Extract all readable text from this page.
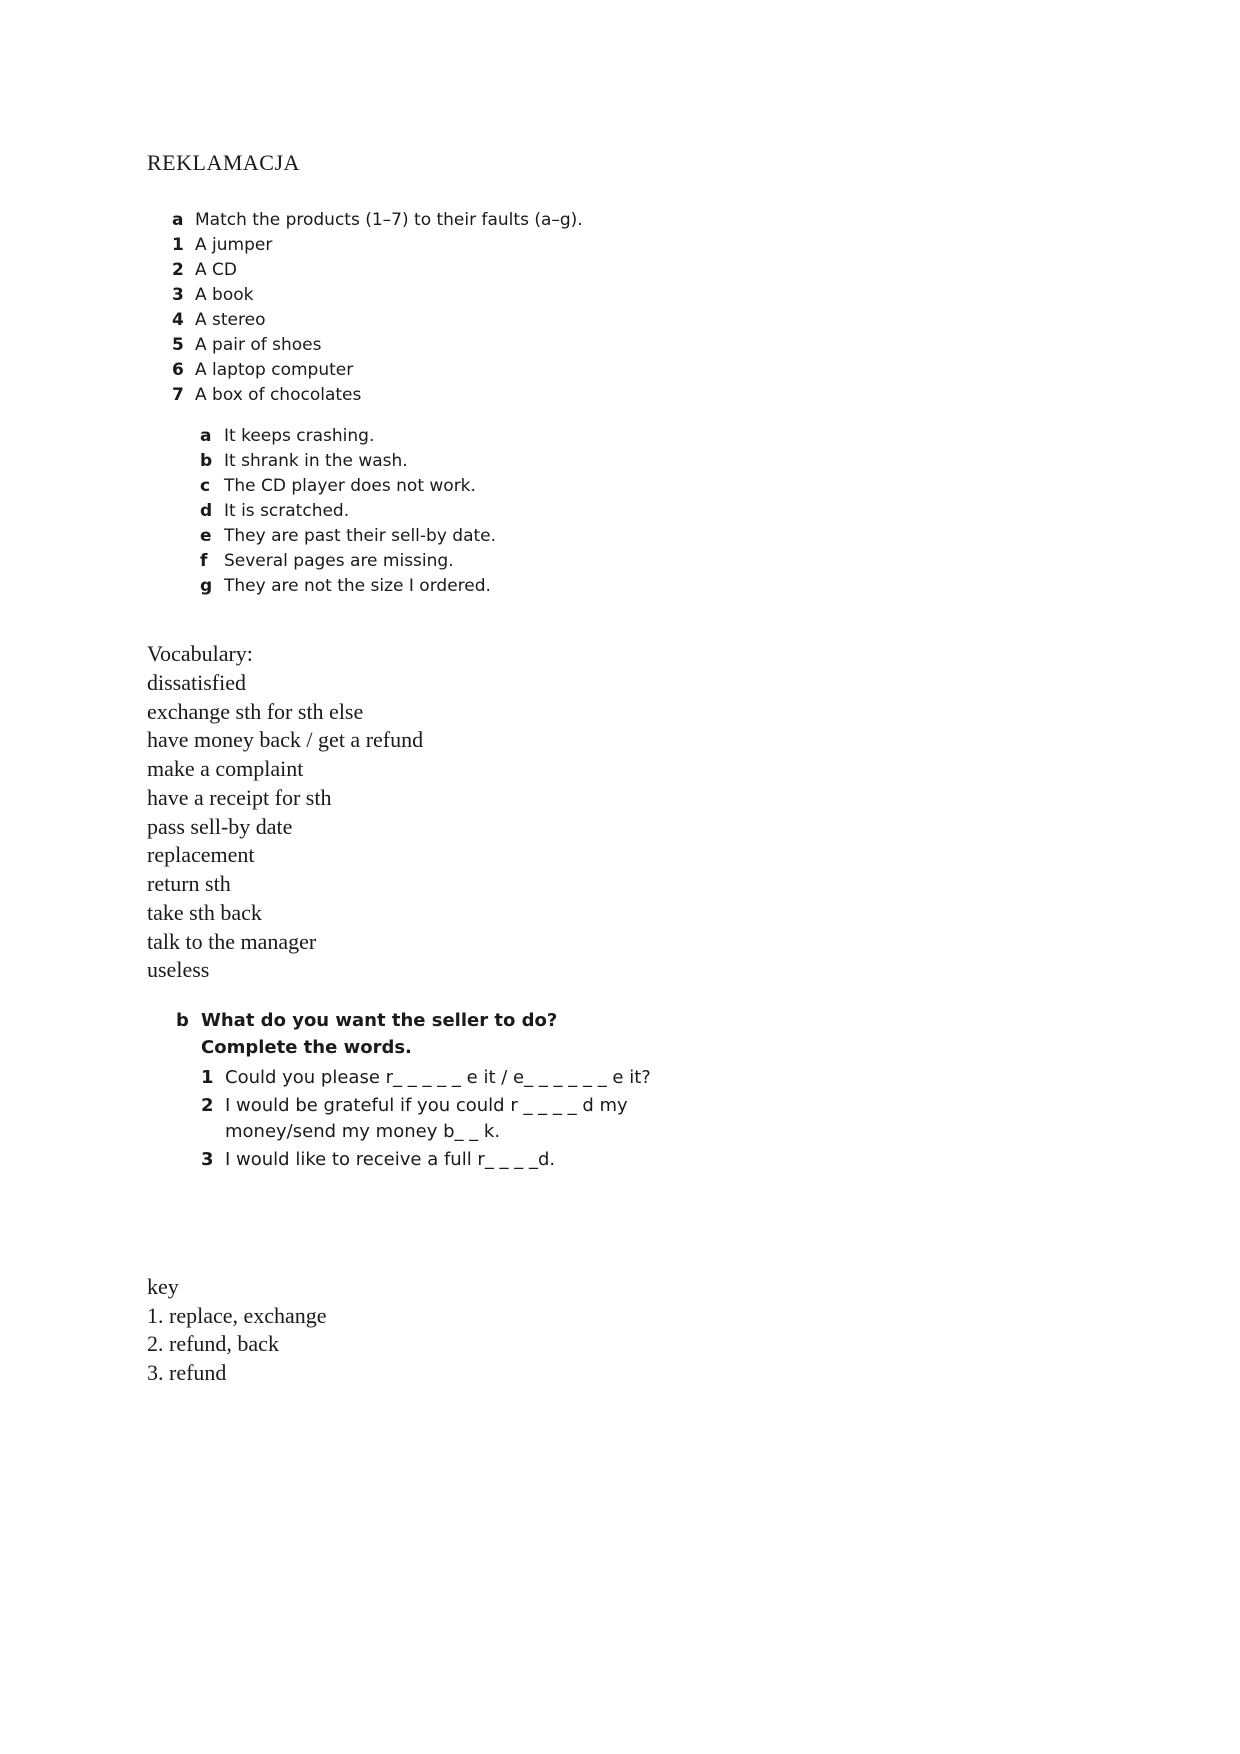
REKLAMACJA
a Match the products (1–7) to their faults (a–g).
1 A jumper
2 A CD
3 A book
4 A stereo
5 A pair of shoes
6 A laptop computer
7 A box of chocolates
a It keeps crashing.
b It shrank in the wash.
c The CD player does not work.
d It is scratched.
e They are past their sell-by date.
f Several pages are missing.
g They are not the size I ordered.
Vocabulary:
dissatisfied
exchange sth for sth else
have money back / get a refund
make a complaint
have a receipt for sth
pass sell-by date
replacement
return sth
take sth back
talk to the manager
useless
b What do you want the seller to do? Complete the words.
1 Could you please r_ _ _ _ _ e it / e_ _ _ _ _ _ e it?
2 I would be grateful if you could r _ _ _ _ d my money/send my money b_ _ k.
3 I would like to receive a full r_ _ _ _d.
key
1. replace, exchange
2. refund, back
3. refund
